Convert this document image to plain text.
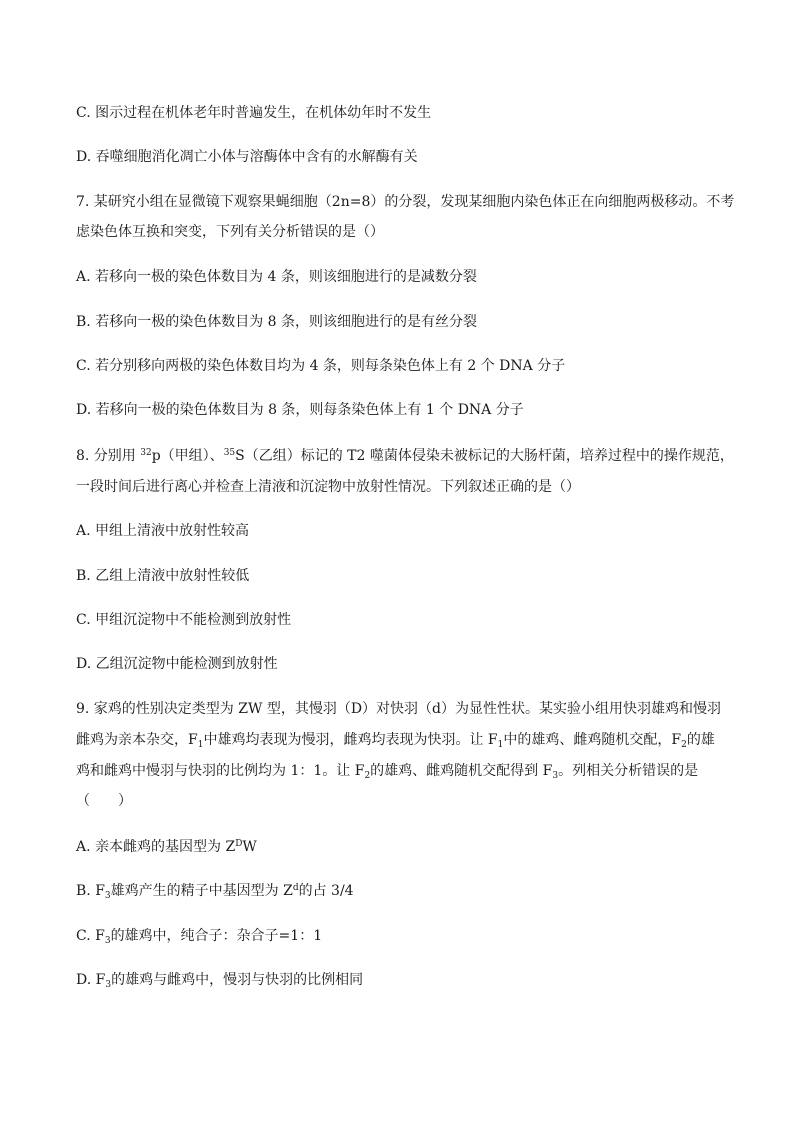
C. 图示过程在机体老年时普遍发生，在机体幼年时不发生
D. 吞噬细胞消化凋亡小体与溶酶体中含有的水解酶有关
7. 某研究小组在显微镜下观察果蝇细胞（2n=8）的分裂，发现某细胞内染色体正在向细胞两极移动。不考
虑染色体互换和突变，下列有关分析错误的是（）
A. 若移向一极的染色体数目为 4 条，则该细胞进行的是减数分裂
B. 若移向一极的染色体数目为 8 条，则该细胞进行的是有丝分裂
C. 若分别移向两极的染色体数目均为 4 条，则每条染色体上有 2 个 DNA 分子
D. 若移向一极的染色体数目为 8 条，则每条染色体上有 1 个 DNA 分子
8. 分别用 $^{32}$p（甲组）、$^{35}$S（乙组）标记的 T2 噬菌体侵染未被标记的大肠杆菌，培养过程中的操作规范，
一段时间后进行离心并检查上清液和沉淀物中放射性情况。下列叙述正确的是（）
A. 甲组上清液中放射性较高
B. 乙组上清液中放射性较低
C. 甲组沉淀物中不能检测到放射性
D. 乙组沉淀物中能检测到放射性
9. 家鸡的性别决定类型为 ZW 型，其慢羽（D）对快羽（d）为显性性状。某实验小组用快羽雄鸡和慢羽
雌鸡为亲本杂交，$F_1$中雄鸡均表现为慢羽，雌鸡均表现为快羽。让 $F_1$中的雄鸡、雌鸡随机交配，$F_2$的雄
鸡和雌鸡中慢羽与快羽的比例均为 1：1。让 $F_2$的雄鸡、雌鸡随机交配得到 $F_3$。列相关分析错误的是
（　　）
A. 亲本雌鸡的基因型为 $Z^DW$
B. $F_3$雄鸡产生的精子中基因型为 $Z^d$的占 3/4
C. $F_3$的雄鸡中，纯合子：杂合子=1：1
D. $F_3$的雄鸡与雌鸡中，慢羽与快羽的比例相同
